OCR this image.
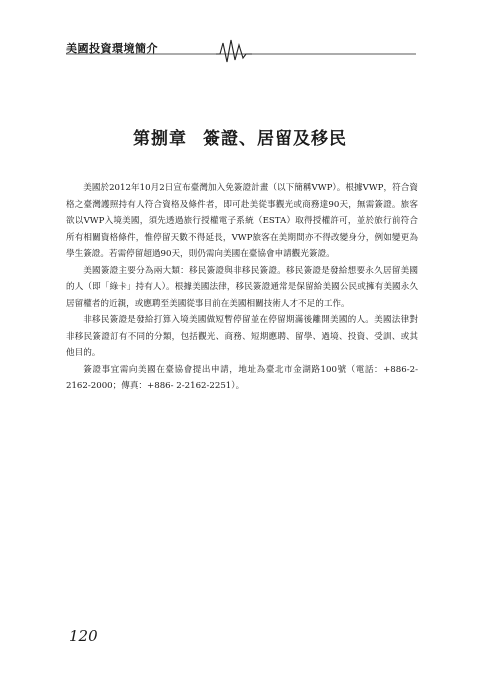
美國投資環境簡介
第捌章 簽證、居留及移民

美國於2012年10月2日宣布臺灣加入免簽證計畫（以下簡稱VWP）。根據VWP，符合資格之臺灣護照持有人符合資格及條件者，即可赴美從事觀光或商務達90天，無需簽證。旅客欲以VWP入境美國，須先透過旅行授權電子系統（ESTA）取得授權許可，並於旅行前符合所有相關資格條件，惟停留天數不得延長，VWP旅客在美期間亦不得改變身分，例如變更為學生簽證。若需停留超過90天，則仍需向美國在臺協會申請觀光簽證。

美國簽證主要分為兩大類：移民簽證與非移民簽證。移民簽證是發給想要永久居留美國的人（即「綠卡」持有人）。根據美國法律，移民簽證通常是保留給美國公民或擁有美國永久居留權者的近親，或應聘至美國從事目前在美國相關技術人才不足的工作。

非移民簽證是發給打算入境美國做短暫停留並在停留期滿後離開美國的人。美國法律對非移民簽證訂有不同的分類，包括觀光、商務、短期應聘、留學、過境、投資、受訓、或其他目的。

簽證事宜需向美國在臺協會提出申請，地址為臺北市金湖路100號（電話：+886-2-2162-2000；傳真：+886- 2-2162-2251）。

120
